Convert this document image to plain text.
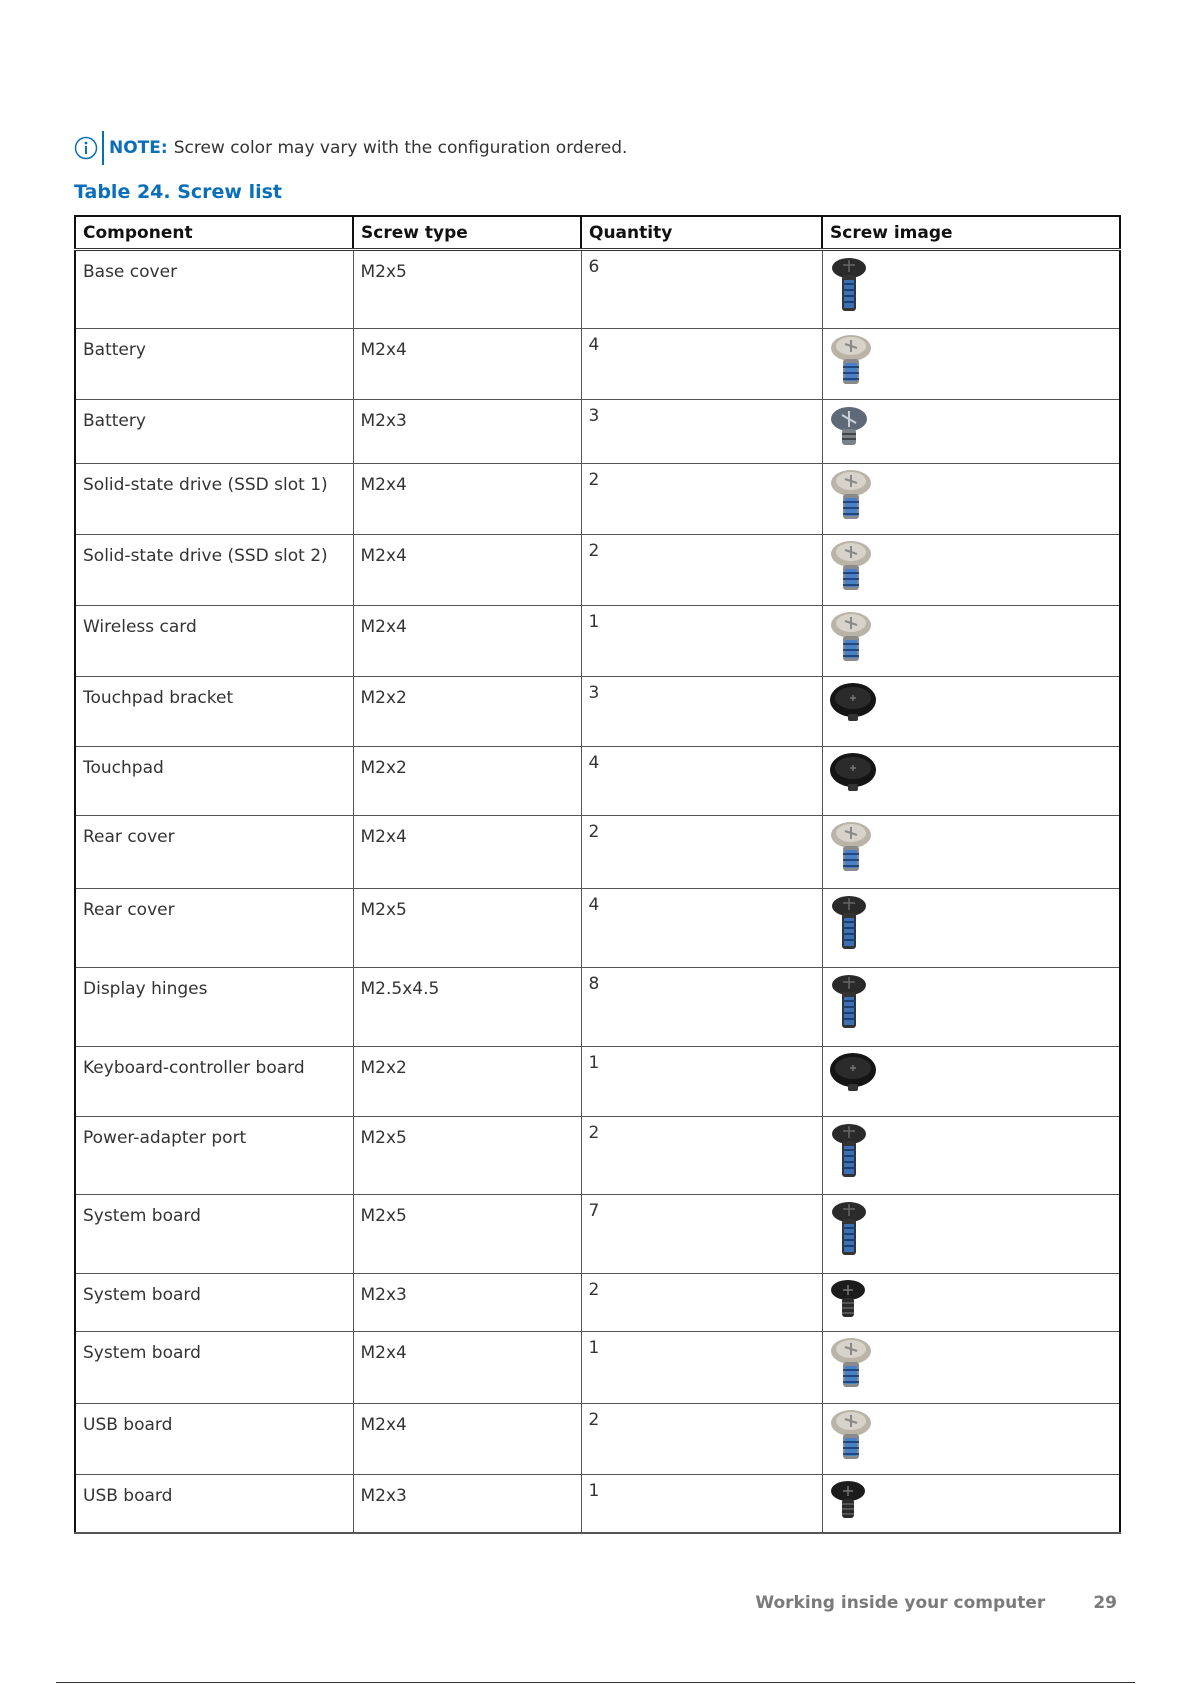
NOTE: Screw color may vary with the configuration ordered.
Table 24. Screw list
Component	Screw type	Quantity	Screw image
Base cover	M2x5	6	

Battery	M2x4	4	

Battery	M2x3	3	

Solid-state drive (SSD slot 1)	M2x4	2	

Solid-state drive (SSD slot 2)	M2x4	2	

Wireless card	M2x4	1	

Touchpad bracket	M2x2	3	

Touchpad	M2x2	4	

Rear cover	M2x4	2	

Rear cover	M2x5	4	

Display hinges	M2.5x4.5	8	

Keyboard-controller board	M2x2	1	

Power-adapter port	M2x5	2	

System board	M2x5	7	

System board	M2x3	2	

System board	M2x4	1	

USB board	M2x4	2	

USB board	M2x3	1	
Working inside your computer	29
